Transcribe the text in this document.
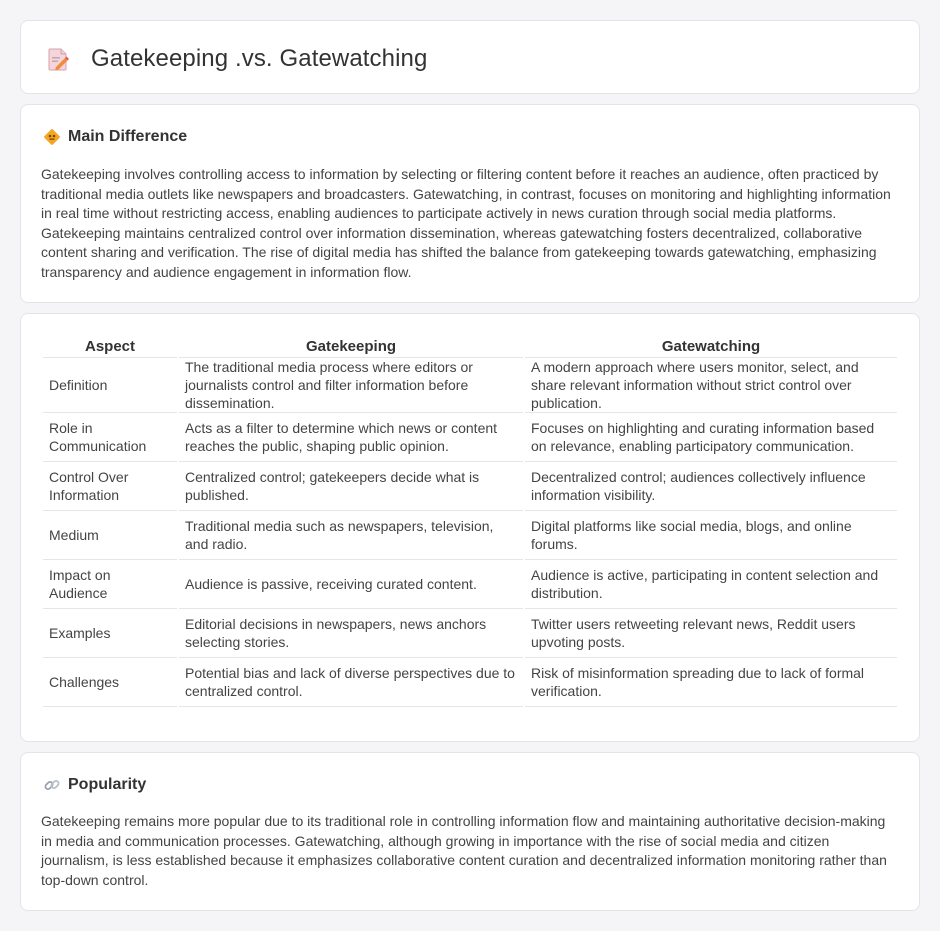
Gatekeeping .vs. Gatewatching
Main Difference

Gatekeeping involves controlling access to information by selecting or filtering content before it reaches an audience, often practiced by traditional media outlets like newspapers and broadcasters. Gatewatching, in contrast, focuses on monitoring and highlighting information in real time without restricting access, enabling audiences to participate actively in news curation through social media platforms. Gatekeeping maintains centralized control over information dissemination, whereas gatewatching fosters decentralized, collaborative content sharing and verification. The rise of digital media has shifted the balance from gatekeeping towards gatewatching, emphasizing transparency and audience engagement in information flow.

Aspect	Gatekeeping	Gatewatching
Definition	The traditional media process where editors or journalists control and filter information before dissemination.	A modern approach where users monitor, select, and share relevant information without strict control over publication.
Role in Communication	Acts as a filter to determine which news or content reaches the public, shaping public opinion.	Focuses on highlighting and curating information based on relevance, enabling participatory communication.
Control Over Information	Centralized control; gatekeepers decide what is published.	Decentralized control; audiences collectively influence information visibility.
Medium	Traditional media such as newspapers, television, and radio.	Digital platforms like social media, blogs, and online forums.
Impact on Audience	Audience is passive, receiving curated content.	Audience is active, participating in content selection and distribution.
Examples	Editorial decisions in newspapers, news anchors selecting stories.	Twitter users retweeting relevant news, Reddit users upvoting posts.
Challenges	Potential bias and lack of diverse perspectives due to centralized control.	Risk of misinformation spreading due to lack of formal verification.
Popularity

Gatekeeping remains more popular due to its traditional role in controlling information flow and maintaining authoritative decision-making in media and communication processes. Gatewatching, although growing in importance with the rise of social media and citizen journalism, is less established because it emphasizes collaborative content curation and decentralized information monitoring rather than top-down control.
